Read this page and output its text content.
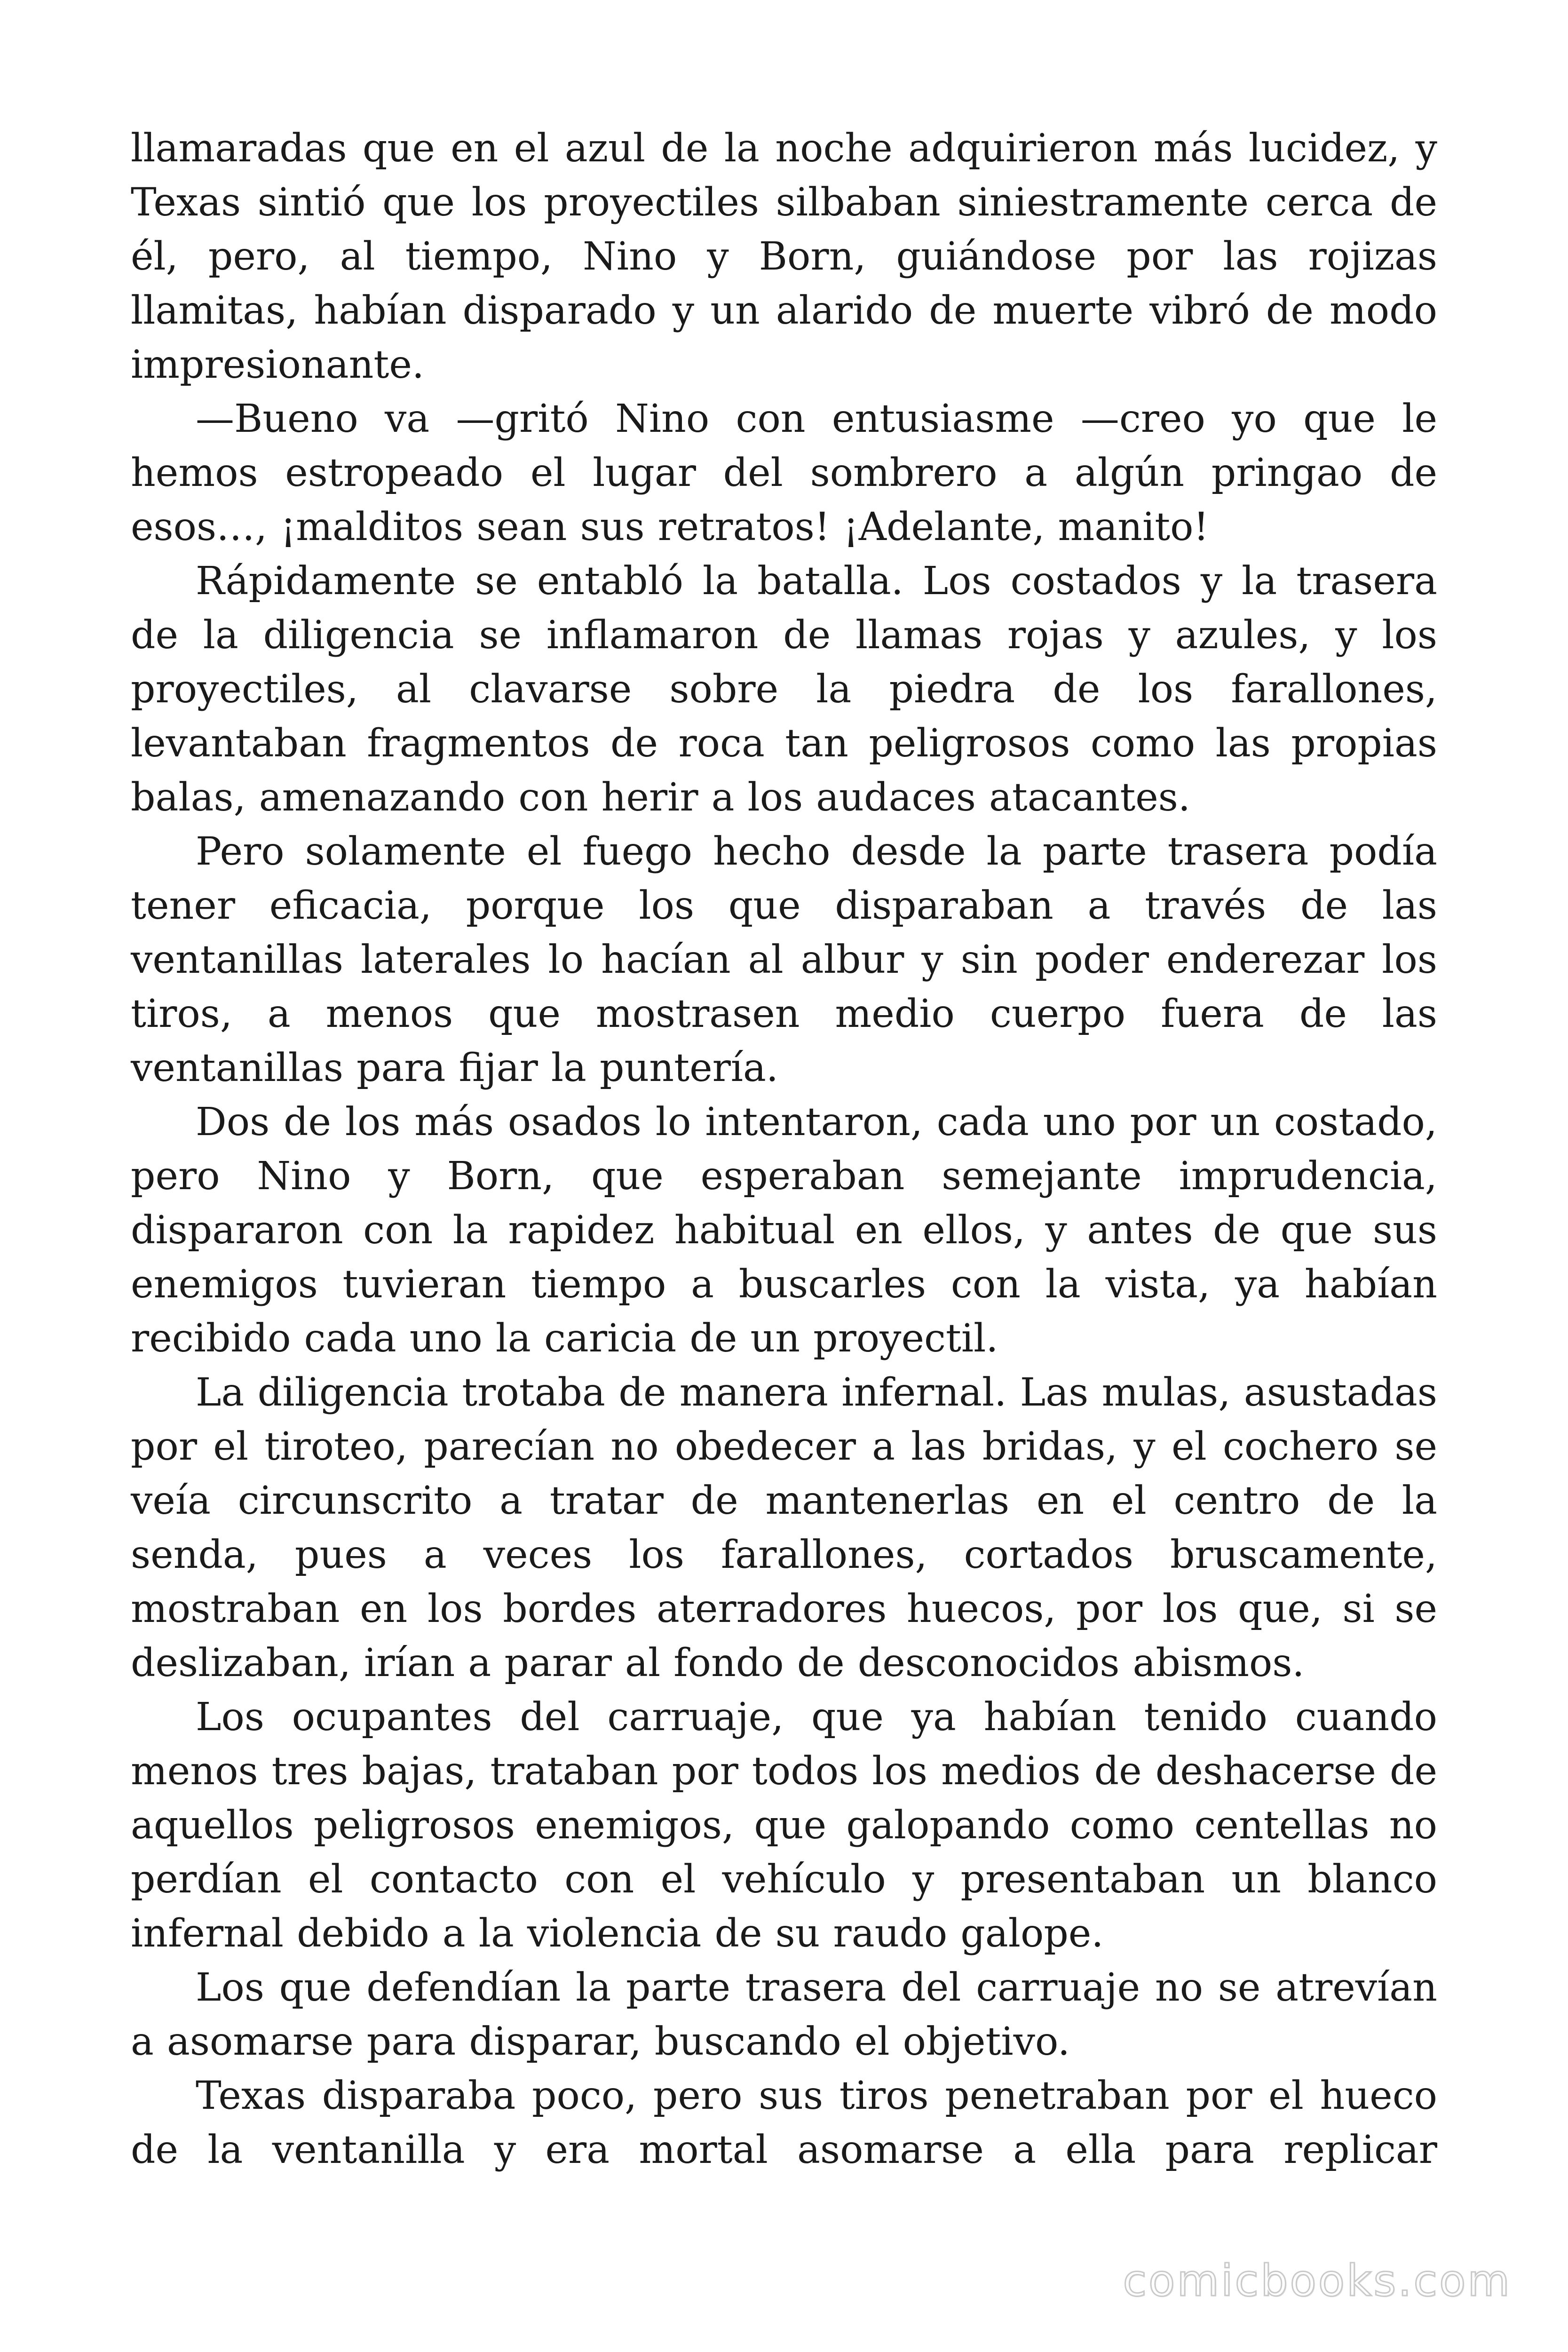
llamaradas que en el azul de la noche adquirieron más lucidez, y Texas sintió que los proyectiles silbaban siniestramente cerca de él, pero, al tiempo, Nino y Born, guiándose por las rojizas llamitas, habían disparado y un alarido de muerte vibró de modo impresionante.

—Bueno va —gritó Nino con entusiasme —creo yo que le hemos estropeado el lugar del sombrero a algún pringao de esos…, ¡malditos sean sus retratos! ¡Adelante, manito!

Rápidamente se entabló la batalla. Los costados y la trasera de la diligencia se inflamaron de llamas rojas y azules, y los proyectiles, al clavarse sobre la piedra de los farallones, levantaban fragmentos de roca tan peligrosos como las propias balas, amenazando con herir a los audaces atacantes.

Pero solamente el fuego hecho desde la parte trasera podía tener eficacia, porque los que disparaban a través de las ventanillas laterales lo hacían al albur y sin poder enderezar los tiros, a menos que mostrasen medio cuerpo fuera de las ventanillas para fijar la puntería.

Dos de los más osados lo intentaron, cada uno por un costado, pero Nino y Born, que esperaban semejante imprudencia, dispararon con la rapidez habitual en ellos, y antes de que sus enemigos tuvieran tiempo a buscarles con la vista, ya habían recibido cada uno la caricia de un proyectil.

La diligencia trotaba de manera infernal. Las mulas, asustadas por el tiroteo, parecían no obedecer a las bridas, y el cochero se veía circunscrito a tratar de mantenerlas en el centro de la senda, pues a veces los farallones, cortados bruscamente, mostraban en los bordes aterradores huecos, por los que, si se deslizaban, irían a parar al fondo de desconocidos abismos.

Los ocupantes del carruaje, que ya habían tenido cuando menos tres bajas, trataban por todos los medios de deshacerse de aquellos peligrosos enemigos, que galopando como centellas no perdían el contacto con el vehículo y presentaban un blanco infernal debido a la violencia de su raudo galope.

Los que defendían la parte trasera del carruaje no se atrevían a asomarse para disparar, buscando el objetivo.

Texas disparaba poco, pero sus tiros penetraban por el hueco de la ventanilla y era mortal asomarse a ella para replicar

comicbooks.com
